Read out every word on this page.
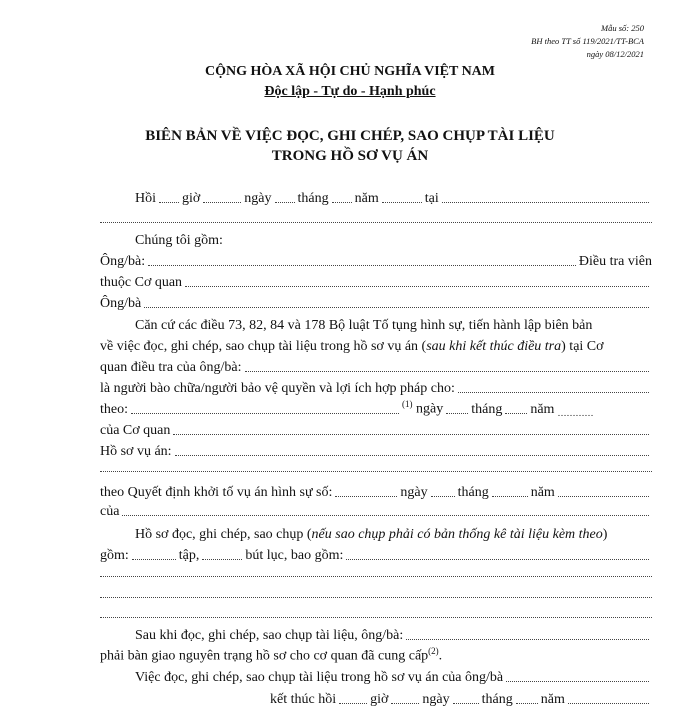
Mẫu số: 250
BH theo TT số 119/2021/TT-BCA
ngày 08/12/2021
CỘNG HÒA XÃ HỘI CHỦ NGHĨA VIỆT NAM
Độc lập - Tự do - Hạnh phúc
BIÊN BẢN VỀ VIỆC ĐỌC, GHI CHÉP, SAO CHỤP TÀI LIỆU
TRONG HỒ SƠ VỤ ÁN
Hồi giờ	ngày tháng năm	tại
Chúng tôi gồm:
Ông/bà:	Điều tra viên
thuộc Cơ quan
Ông/bà
Căn cứ các điều 73, 82, 84 và 178 Bộ luật Tố tụng hình sự, tiến hành lập biên bản
về việc đọc, ghi chép, sao chụp tài liệu trong hồ sơ vụ án ( sau khi kết thúc điều tra ) tại Cơ
quan điều tra của ông/bà:
là người bào chữa/người bảo vệ quyền và lợi ích hợp pháp cho:
theo:	$^{(1)}$ ngày tháng năm …………
của Cơ quan
Hồ sơ vụ án:
theo Quyết định khởi tố vụ án hình sự số:	ngày tháng	năm
của
Hồ sơ đọc, ghi chép, sao chụp ( nếu sao chụp phải có bản thống kê tài liệu kèm theo )
gồm:	tập,	bút lục, bao gồm:
Sau khi đọc, ghi chép, sao chụp tài liệu, ông/bà:
phải bàn giao nguyên trạng hồ sơ cho cơ quan đã cung cấp$^{(2)}$.
Việc đọc, ghi chép, sao chụp tài liệu trong hồ sơ vụ án của ông/bà
kết thúc hồi giờ ngày tháng năm
